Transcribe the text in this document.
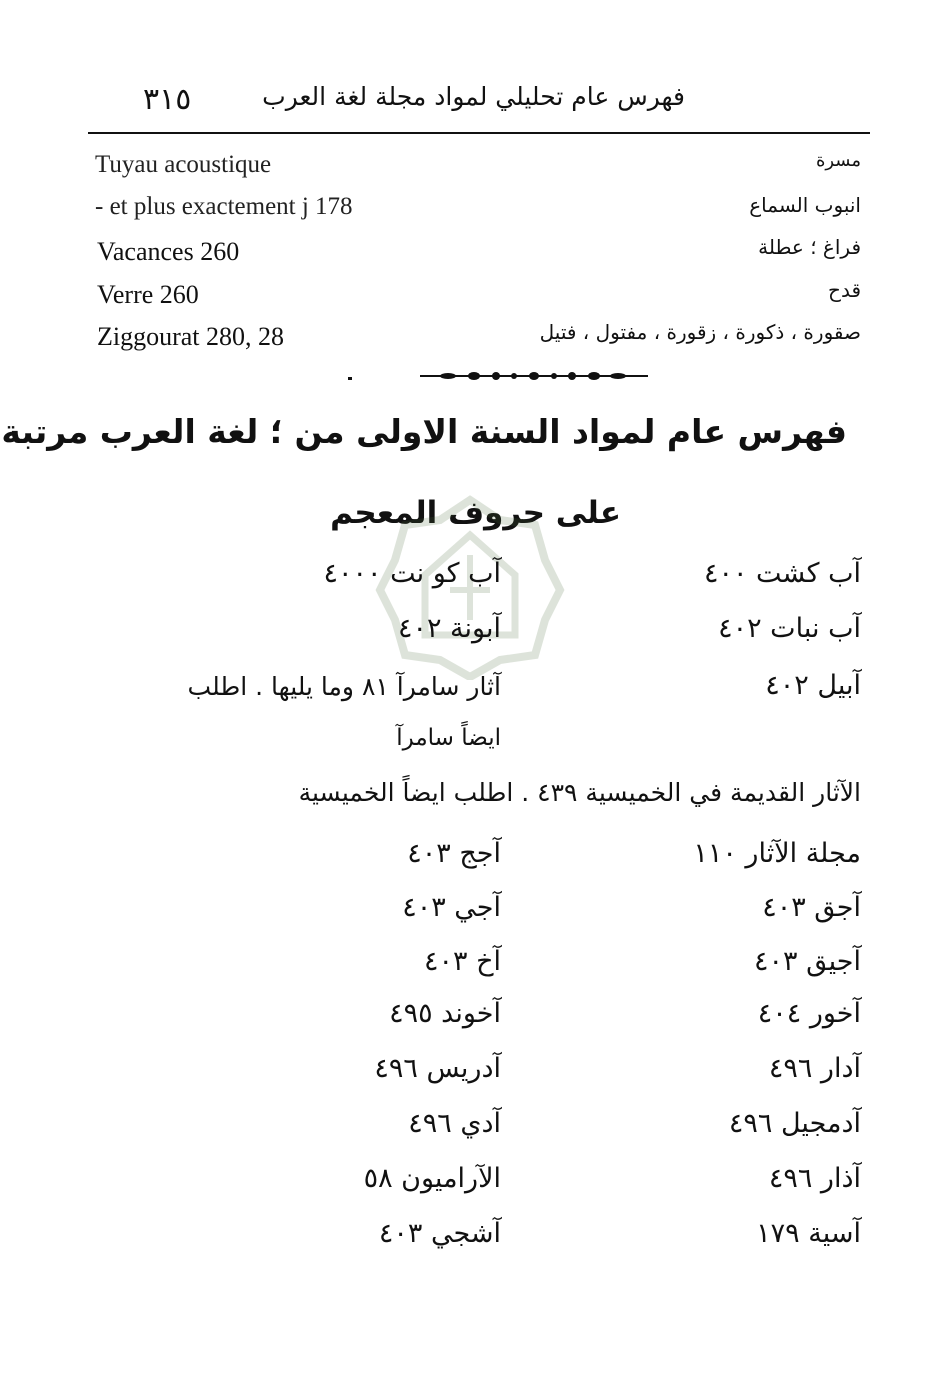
٣١٥	فهرس عام تحليلي لمواد مجلة لغة العرب
مسرة
Tuyau acoustique
انبوب السماع
- et plus exactement j 178
فراغ ؛ عطلة
Vacances 260
قدح
Verre 260
صقورة ، ذكورة ، زقورة ، مفتول ، فتيل
Ziggourat 280, 28
فهرس عام لمواد السنة الاولى من ؛ لغة العرب مرتبة
على حروف المعجم
آب كشت ٤٠٠
آب كو نت ٤٠٠٠
آب نبات ٤٠٢
آبونة ٤٠٢
آبيل ٤٠٢
آثار سامرآ ٨١ وما يليها . اطلب
ايضاً سامرآ
الآثار القديمة في الخميسية ٤٣٩ . اطلب ايضاً الخميسية
مجلة الآثار ١١٠
آجج ٤٠٣
آجق ٤٠٣
آجي ٤٠٣
آجيق ٤٠٣
آخ ٤٠٣
آخور ٤٠٤
آخوند ٤٩٥
آدار ٤٩٦
آدريس ٤٩٦
آدمجيل ٤٩٦
آدي ٤٩٦
آذار ٤٩٦
الآراميون ٥٨
آسية ١٧٩
آشجي ٤٠٣
